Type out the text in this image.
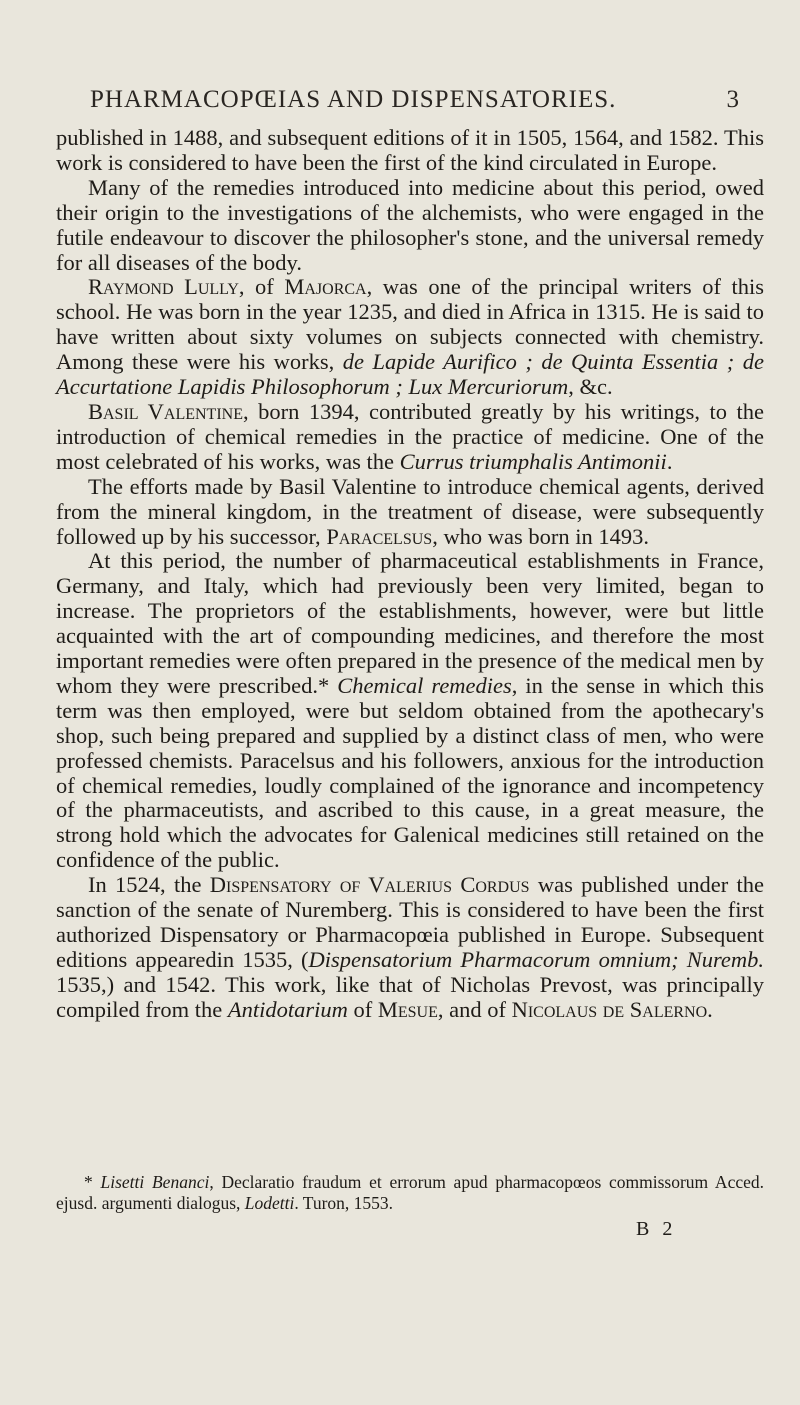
PHARMACOPŒIAS AND DISPENSATORIES.	3

published in 1488, and subsequent editions of it in 1505, 1564, and 1582. This work is considered to have been the first of the kind circulated in Europe.

Many of the remedies introduced into medicine about this period, owed their origin to the investigations of the alchemists, who were engaged in the futile endeavour to discover the philosopher's stone, and the universal remedy for all diseases of the body.

Raymond Lully, of Majorca, was one of the principal writers of this school. He was born in the year 1235, and died in Africa in 1315. He is said to have written about sixty volumes on subjects connected with chemistry. Among these were his works, de Lapide Aurifico ; de Quinta Essentia ; de Accurtatione Lapidis Philosophorum ; Lux Mercuriorum, &c.

Basil Valentine, born 1394, contributed greatly by his writings, to the introduction of chemical remedies in the practice of medicine. One of the most celebrated of his works, was the Currus triumphalis Antimonii.

The efforts made by Basil Valentine to introduce chemical agents, derived from the mineral kingdom, in the treatment of disease, were subsequently followed up by his successor, Paracelsus, who was born in 1493.

At this period, the number of pharmaceutical establishments in France, Germany, and Italy, which had previously been very limited, began to increase. The proprietors of the establishments, however, were but little acquainted with the art of compounding medicines, and therefore the most important remedies were often prepared in the presence of the medical men by whom they were prescribed.* Chemical remedies, in the sense in which this term was then employed, were but seldom obtained from the apothecary's shop, such being prepared and supplied by a distinct class of men, who were professed chemists. Paracelsus and his followers, anxious for the introduction of chemical remedies, loudly complained of the ignorance and incompetency of the pharmaceutists, and ascribed to this cause, in a great measure, the strong hold which the advocates for Galenical medicines still retained on the confidence of the public.

In 1524, the Dispensatory of Valerius Cordus was published under the sanction of the senate of Nuremberg. This is considered to have been the first authorized Dispensatory or Pharmacopœia published in Europe. Subsequent editions appearedin 1535, (Dispensatorium Pharmacorum omnium; Nuremb. 1535,) and 1542. This work, like that of Nicholas Prevost, was principally compiled from the Antidotarium of Mesue, and of Nicolaus de Salerno.

* Lisetti Benanci, Declaratio fraudum et errorum apud pharmacopœos commissorum Acced. ejusd. argumenti dialogus, Lodetti. Turon, 1553.

B 2
